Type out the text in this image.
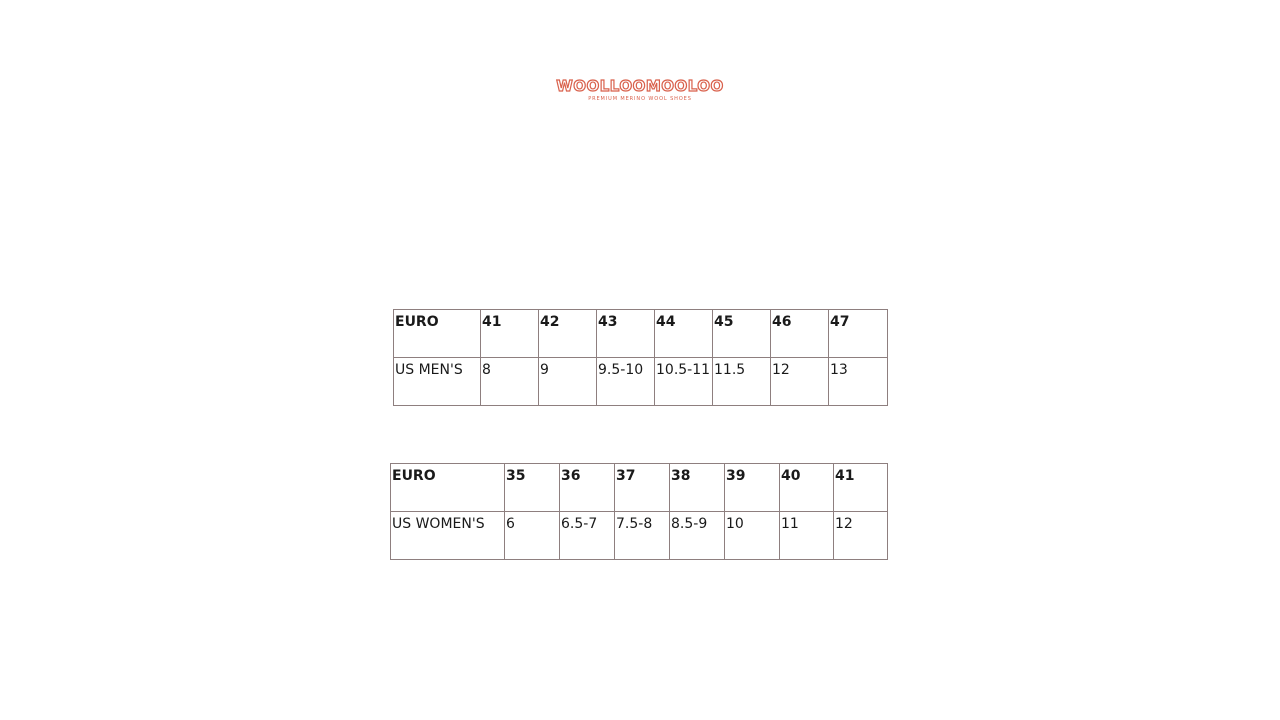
WOOLLOOMOOLOO
PREMIUM MERINO WOOL SHOES
EURO	41	42	43	44	45	46	47
US MEN'S	8	9	9.5-10	10.5-11	11.5	12	13
EURO	35	36	37	38	39	40	41
US WOMEN'S	6	6.5-7	7.5-8	8.5-9	10	11	12
